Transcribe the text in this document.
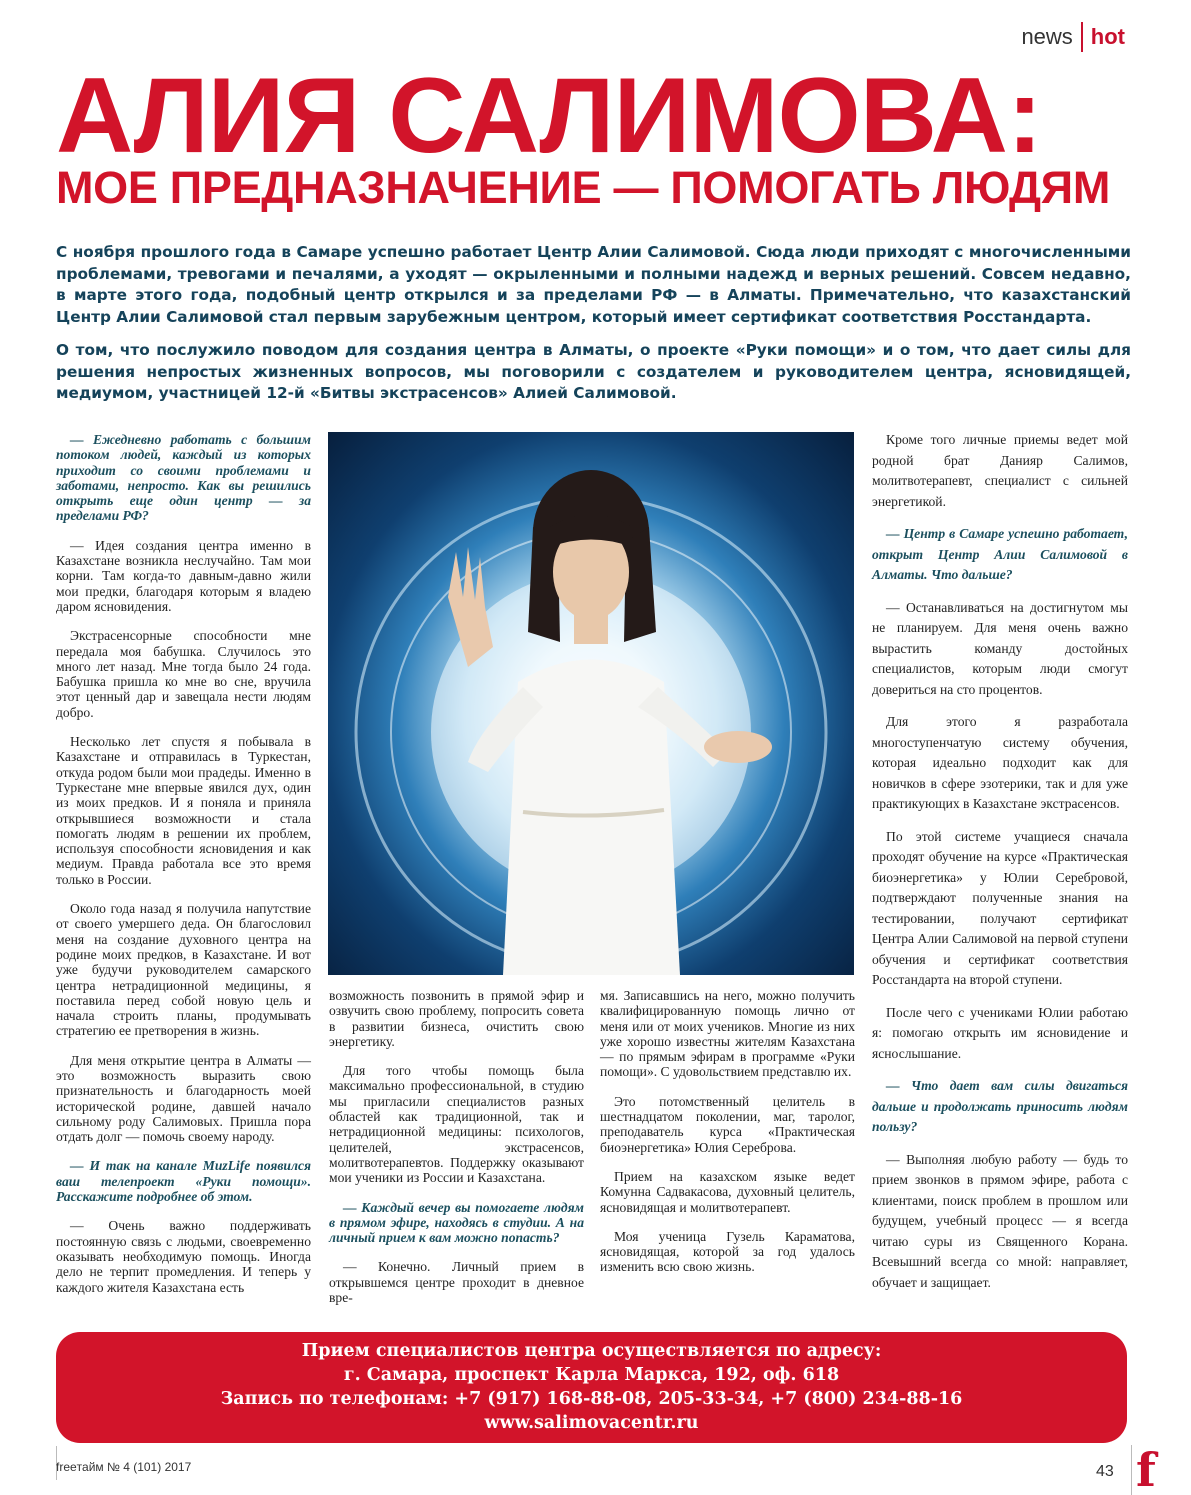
news hot
АЛИЯ САЛИМОВА:
МОЕ ПРЕДНАЗНАЧЕНИЕ — ПОМОГАТЬ ЛЮДЯМ

С ноября прошлого года в Самаре успешно работает Центр Алии Салимовой. Сюда люди приходят с многочисленными проблемами, тревогами и печалями, а уходят — окрыленными и полными надежд и верных решений. Совсем недавно, в марте этого года, подобный центр открылся и за пределами РФ — в Алматы. Примечательно, что казахстанский Центр Алии Салимовой стал первым зарубежным центром, который имеет сертификат соответствия Росстандарта.

О том, что послужило поводом для создания центра в Алматы, о проекте «Руки помощи» и о том, что дает силы для решения непростых жизненных вопросов, мы поговорили с создателем и руководителем центра, ясновидящей, медиумом, участницей 12-й «Битвы экстрасенсов» Алией Салимовой.

— Ежедневно работать с большим потоком людей, каждый из которых приходит со своими проблемами и заботами, непросто. Как вы решились открыть еще один центр — за пределами РФ?

— Идея создания центра именно в Казахстане возникла неслучайно. Там мои корни. Там когда-то давным-давно жили мои предки, благодаря которым я владею даром ясновидения.

Экстрасенсорные способности мне передала моя бабушка. Случилось это много лет назад. Мне тогда было 24 года. Бабушка пришла ко мне во сне, вручила этот ценный дар и завещала нести людям добро.

Несколько лет спустя я побывала в Казахстане и отправилась в Туркестан, откуда родом были мои прадеды. Именно в Туркестане мне впервые явился дух, один из моих предков. И я поняла и приняла открывшиеся возможности и стала помогать людям в решении их проблем, используя способности ясновидения и как медиум. Правда работала все это время только в России.

Около года назад я получила напутствие от своего умершего деда. Он благословил меня на создание духовного центра на родине моих предков, в Казахстане. И вот уже будучи руководителем самарского центра нетрадиционной медицины, я поставила перед собой новую цель и начала строить планы, продумывать стратегию ее претворения в жизнь.

Для меня открытие центра в Алматы — это возможность выразить свою признательность и благодарность моей исторической родине, давшей начало сильному роду Салимовых. Пришла пора отдать долг — помочь своему народу.

— И так на канале MuzLife появился ваш телепроект «Руки помощи». Расскажите подробнее об этом.

— Очень важно поддерживать постоянную связь с людьми, своевременно оказывать необходимую помощь. Иногда дело не терпит промедления. И теперь у каждого жителя Казахстана есть

возможность позвонить в прямой эфир и озвучить свою проблему, попросить совета в развитии бизнеса, очистить свою энергетику.

Для того чтобы помощь была максимально профессиональной, в студию мы пригласили специалистов разных областей как традиционной, так и нетрадиционной медицины: психологов, целителей, экстрасенсов, молитвотерапевтов. Поддержку оказывают мои ученики из России и Казахстана.

— Каждый вечер вы помогаете людям в прямом эфире, находясь в студии. А на личный прием к вам можно попасть?

— Конечно. Личный прием в открывшемся центре проходит в дневное вре-

мя. Записавшись на него, можно получить квалифицированную помощь лично от меня или от моих учеников. Многие из них уже хорошо известны жителям Казахстана — по прямым эфирам в программе «Руки помощи». С удовольствием представлю их.

Это потомственный целитель в шестнадцатом поколении, маг, таролог, преподаватель курса «Практическая биоэнергетика» Юлия Сереброва.

Прием на казахском языке ведет Комунна Садвакасова, духовный целитель, ясновидящая и молитвотерапевт.

Моя ученица Гузель Караматова, ясновидящая, которой за год удалось изменить всю свою жизнь.

Кроме того личные приемы ведет мой родной брат Данияр Салимов, молитвотерапевт, специалист с сильней энергетикой.

— Центр в Самаре успешно работает, открыт Центр Алии Салимовой в Алматы. Что дальше?

— Останавливаться на достигнутом мы не планируем. Для меня очень важно вырастить команду достойных специалистов, которым люди смогут довериться на сто процентов.

Для этого я разработала многоступенчатую систему обучения, которая идеально подходит как для новичков в сфере эзотерики, так и для уже практикующих в Казахстане экстрасенсов.

По этой системе учащиеся сначала проходят обучение на курсе «Практическая биоэнергетика» у Юлии Серебровой, подтверждают полученные знания на тестировании, получают сертификат Центра Алии Салимовой на первой ступени обучения и сертификат соответствия Росстандарта на второй ступени.

После чего с учениками Юлии работаю я: помогаю открыть им ясновидение и яснослышание.

— Что дает вам силы двигаться дальше и продолжать приносить людям пользу?

— Выполняя любую работу — будь то прием звонков в прямом эфире, работа с клиентами, поиск проблем в прошлом или будущем, учебный процесс — я всегда читаю суры из Священного Корана. Всевышний всегда со мной: направляет, обучает и защищает.

Прием специалистов центра осуществляется по адресу:
г. Самара, проспект Карла Маркса, 192, оф. 618
Запись по телефонам: +7 (917) 168-88-08, 205-33-34, +7 (800) 234-88-16
www.salimovacentr.ru
freeтайм № 4 (101) 2017	43 f
